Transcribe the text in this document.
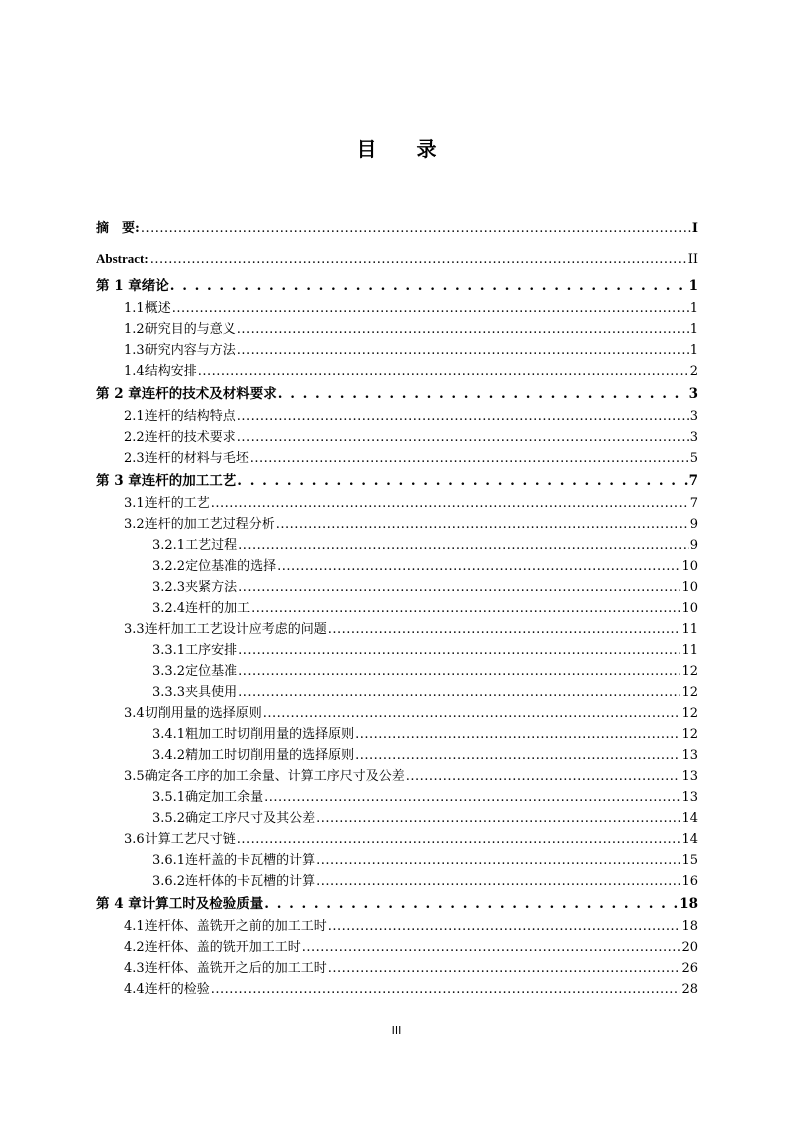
目　　 录
摘　要: .....	I
Abstract: .....	II
第 1 章 绪论 . . .	1
1.1 概述 .....	1
1.2 研究目的与意义 .....	1
1.3 研究内容与方法 .....	1
1.4 结构安排 .....	2
第 2 章 连杆的技术及材料要求 . . .	3
2.1 连杆的结构特点 .....	3
2.2 连杆的技术要求 .....	3
2.3 连杆的材料与毛坯 .....	5
第 3 章 连杆的加工工艺 . . .	7
3.1 连杆的工艺 .....	7
3.2 连杆的加工艺过程分析 .....	9
3.2.1 工艺过程 .....	9
3.2.2 定位基准的选择 .....	10
3.2.3 夹紧方法 .....	10
3.2.4 连杆的加工 .....	10
3.3 连杆加工工艺设计应考虑的问题 .....	11
3.3.1 工序安排 .....	11
3.3.2 定位基准 .....	12
3.3.3 夹具使用 .....	12
3.4 切削用量的选择原则 .....	12
3.4.1 粗加工时切削用量的选择原则 .....	12
3.4.2 精加工时切削用量的选择原则 .....	13
3.5 确定各工序的加工余量、计算工序尺寸及公差 .....	13
3.5.1 确定加工余量 .....	13
3.5.2 确定工序尺寸及其公差 .....	14
3.6 计算工艺尺寸链 .....	14
3.6.1 连杆盖的卡瓦槽的计算 .....	15
3.6.2 连杆体的卡瓦槽的计算 .....	16
第 4 章 计算工时及检验质量 . . .	18
4.1 连杆体、盖铣开之前的加工工时 .....	18
4.2 连杆体、盖的铣开加工工时 .....	20
4.3 连杆体、盖铣开之后的加工工时 .....	26
4.4 连杆的检验 .....	28
III
